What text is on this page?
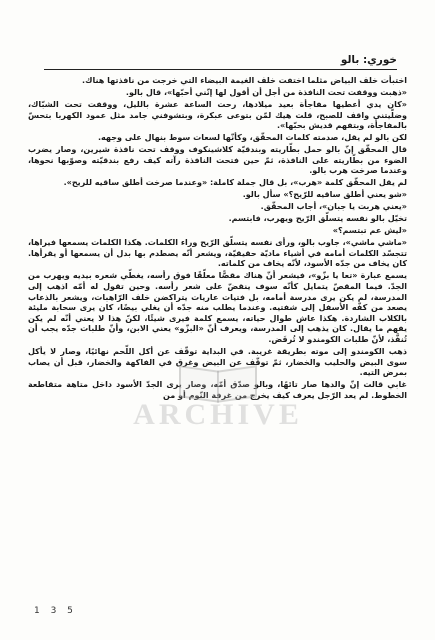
خوري: بالو

اختبأت خلف البياض مثلما اختفت خلف الغيمة البيضاء التي خرجت من نافذتها هناك.

«ذهبت ووقفت تحت النافذة من أجل أن أقول لها إنّني أحبّها»، قال بالو.

«كان يدي أعطيها مفاجأة بعيد ميلادها، رحت الساعة عشرة بالليل، ووقفت تحت الشبّاك، وضلّيتني واقف للصبح، قلت هيك لمّن بتوعى عبكرة، وبتشوفني جامد مثل عمود الكهربا بتحسّ بالمفاجأة، وبتفهم قديش بحبّها».

لكن بالو لم يقل، صدمته كلمات المحقّق، وكأنّها لسعات سوط بنهال على وجهه.

قال المحقّق إنّ بالو حمل بطّاريته وبندقيّة كلاشينكوف ووقف تحت نافذة شيرين، وصار يضرب الضوء من بطّاريته على النافذة، ثمّ حين فتحت النافذة رآته كيف رفع بندقيّته وصوّبها نحوها، وعندما صرخت هرب بالو.

لم يقل المحقّق كلمة «هرب»، بل قال جملة كاملة: «وعندما صرخت أطلق ساقيه للريح».

«شو يعني أطلق ساقيه للرّيح؟» سأل بالو.

«يعني هربت يا جبان»، أجاب المحقّق.

تخيّل بالو نفسه يتسلّق الرّيح ويهرب، فابتسم.

«ليش عم تبتسم؟»

«ماشي ماشي»، جاوب بالو، ورأى نفسه يتسلّق الرّيح وراء الكلمات. هكذا الكلمات يسمعها فيراها، تتجسّد الكلمات أمامه في أشياء ماديّة حقيقيّة، ويشعر أنّه يصطدم بها بدل أن يسمعها أو يقرأها. كان يخاف من جدّه الأسود، لأنّه يخاف من كلماته.

يسمع عبارة «تعا يا بزّو»، فيشعر أنّ هناك مقصًّا معلّقًا فوق رأسه، يغطّي شعره بيديه ويهرب من الجدّ. فيما المقصّ يتمايل كأنّه سوف ينقضّ على شعر رأسه. وحين تقول له أمّه اذهب إلى المدرسة، لم يكن يرى مدرسة أمامه، بل فتيات عاريات يتراكضن خلف الرّاهبات، ويشعر بالذعاب يصعد من كفّه الأسفل إلى شفتيه. وعندما يطلب منه جدّه أن يغلي بيضًا، كان يرى سحابة مليئة بالكلاب الشاردة. هكذا عاش طوال حياته، يسمع كلمة فيرى شيئًا، لكنّ هذا لا يعني أنّه لم يكن يفهم ما يقال. كان يذهب إلى المدرسة، ويعرف أنّ «البزّو» يعني الابن، وأنّ طلبات جدّه يجب أن تُنفَّذ، لأنّ طلبات الكومندو لا تُرفَض.

ذهب الكومندو إلى موته بطريقة غريبة. في البداية توقّف عن أكل اللّحم نهائيًا، وصار لا يأكل سوى البيض والحليب والخضار، ثمّ توقّف عن البيض وغرق في الفاكهة والخضار، قبل أن يصاب بمرض التيه.

غابي قالت إنّ والدها صار تائهًا، وبالو صدّق أمّه، وصار يرى الجدّ الأسود داخل متاهة متقاطعة الخطوط. لم يعد الرّجل يعرف كيف يخرج من غرفة النّوم أو من

ARCHIVE
1 3 5
